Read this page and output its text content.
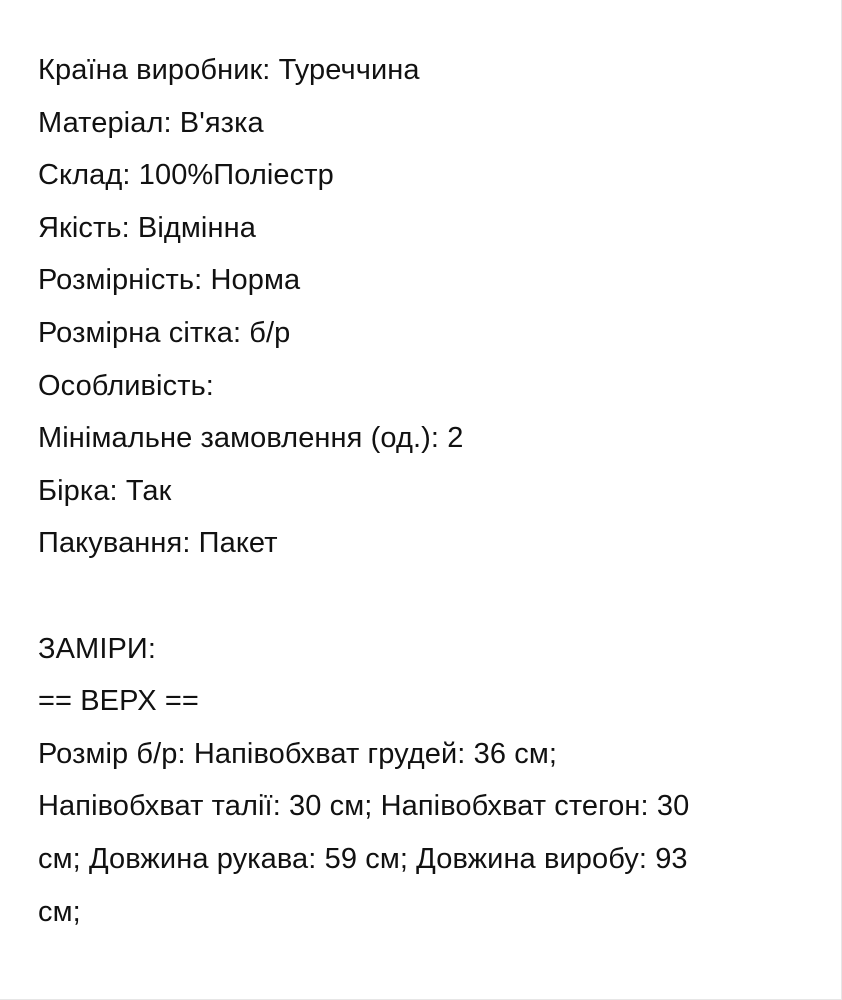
Країна виробник: Туреччина
Матеріал: В'язка
Склад: 100%Поліестр
Якість: Відмінна
Розмірність: Норма
Розмірна сітка: б/р
Особливість:
Мінімальне замовлення (од.): 2
Бірка: Так
Пакування: Пакет
ЗАМІРИ:
== ВЕРХ ==
Розмір б/р: Напівобхват грудей: 36 см;
Напівобхват талії: 30 см; Напівобхват стегон: 30
см; Довжина рукава: 59 см; Довжина виробу: 93
см;
